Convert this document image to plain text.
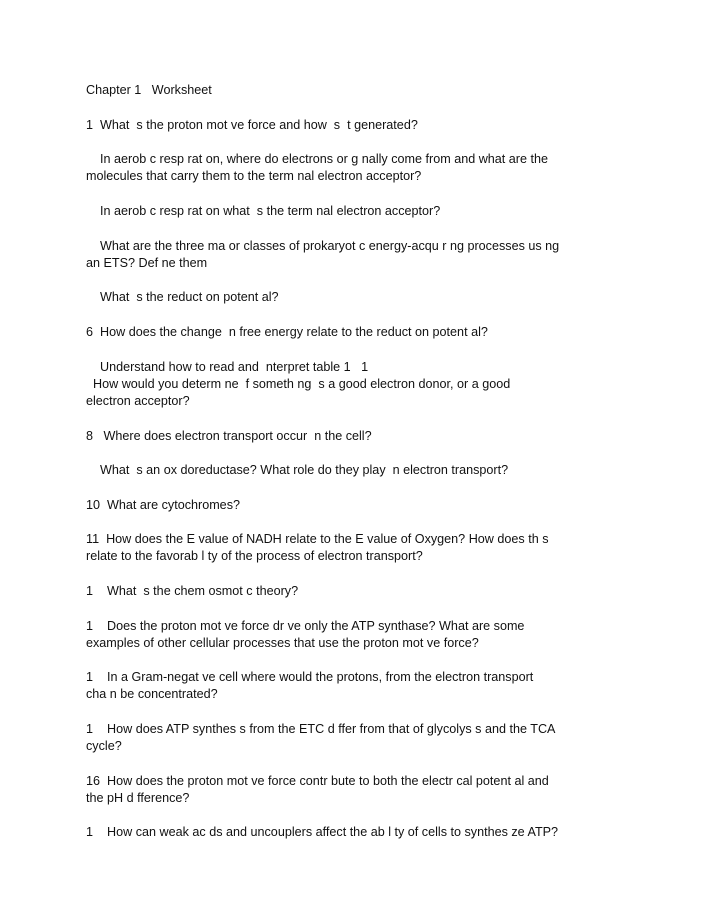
Chapter 1   Worksheet
1  What  s the proton mot ve force and how  s  t generated?
In aerob c resp rat on, where do electrons or g nally come from and what are the
molecules that carry them to the term nal electron acceptor?
In aerob c resp rat on what  s the term nal electron acceptor?
What are the three ma or classes of prokaryot c energy-acqu r ng processes us ng
an ETS? Def ne them
What  s the reduct on potent al?
6  How does the change  n free energy relate to the reduct on potent al?
Understand how to read and  nterpret table 1   1
How would you determ ne  f someth ng  s a good electron donor, or a good
electron acceptor?
8   Where does electron transport occur  n the cell?
What  s an ox doreductase? What role do they play  n electron transport?
10  What are cytochromes?
11  How does the E value of NADH relate to the E value of Oxygen? How does th s
relate to the favorab l ty of the process of electron transport?
1    What  s the chem osmot c theory?
1    Does the proton mot ve force dr ve only the ATP synthase? What are some
examples of other cellular processes that use the proton mot ve force?
1    In a Gram-negat ve cell where would the protons, from the electron transport
cha n be concentrated?
1    How does ATP synthes s from the ETC d ffer from that of glycolys s and the TCA
cycle?
16  How does the proton mot ve force contr bute to both the electr cal potent al and
the pH d fference?
1    How can weak ac ds and uncouplers affect the ab l ty of cells to synthes ze ATP?
